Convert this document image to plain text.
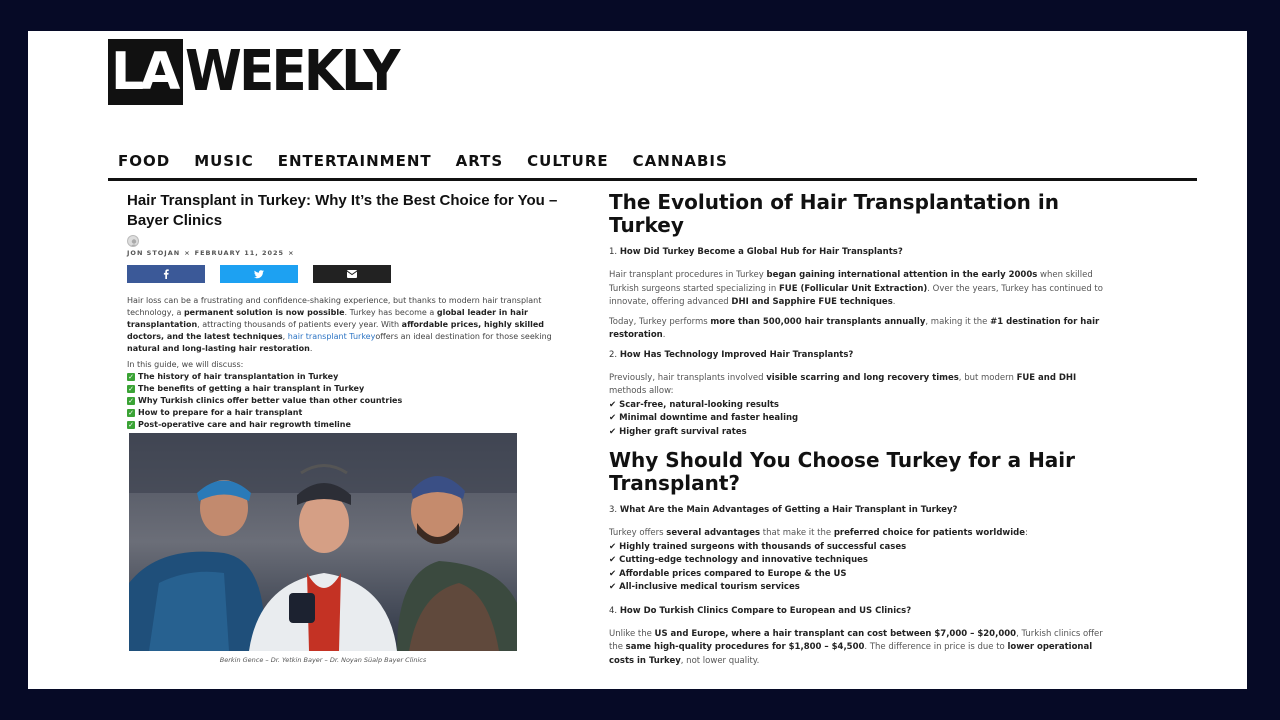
LA WEEKLY
FOOD MUSIC ENTERTAINMENT ARTS CULTURE CANNABIS
Hair Transplant in Turkey: Why It’s the Best Choice for You – Bayer Clinics
JON STOJAN × FEBRUARY 11, 2025 ×

Hair loss can be a frustrating and confidence-shaking experience, but thanks to modern hair transplant technology, a permanent solution is now possible. Turkey has become a global leader in hair transplantation, attracting thousands of patients every year. With affordable prices, highly skilled doctors, and the latest techniques, hair transplant Turkeyoffers an ideal destination for those seeking natural and long-lasting hair restoration.

In this guide, we will discuss:
✓ The history of hair transplantation in Turkey
✓ The benefits of getting a hair transplant in Turkey
✓ Why Turkish clinics offer better value than other countries
✓ How to prepare for a hair transplant
✓ Post-operative care and hair regrowth timeline
Berkin Gence – Dr. Yetkin Bayer – Dr. Noyan Süalp Bayer Clinics
The Evolution of Hair Transplantation in Turkey
1. How Did Turkey Become a Global Hub for Hair Transplants?

Hair transplant procedures in Turkey began gaining international attention in the early 2000s when skilled Turkish surgeons started specializing in FUE (Follicular Unit Extraction). Over the years, Turkey has continued to innovate, offering advanced DHI and Sapphire FUE techniques.

Today, Turkey performs more than 500,000 hair transplants annually, making it the #1 destination for hair restoration.

2. How Has Technology Improved Hair Transplants?

Previously, hair transplants involved visible scarring and long recovery times, but modern FUE and DHI methods allow:

✔ Scar-free, natural-looking results
✔ Minimal downtime and faster healing
✔ Higher graft survival rates
Why Should You Choose Turkey for a Hair Transplant?
3. What Are the Main Advantages of Getting a Hair Transplant in Turkey?

Turkey offers several advantages that make it the preferred choice for patients worldwide:

✔ Highly trained surgeons with thousands of successful cases
✔ Cutting-edge technology and innovative techniques
✔ Affordable prices compared to Europe & the US
✔ All-inclusive medical tourism services
4. How Do Turkish Clinics Compare to European and US Clinics?

Unlike the US and Europe, where a hair transplant can cost between $7,000 – $20,000, Turkish clinics offer the same high-quality procedures for $1,800 – $4,500. The difference in price is due to lower operational costs in Turkey, not lower quality.
